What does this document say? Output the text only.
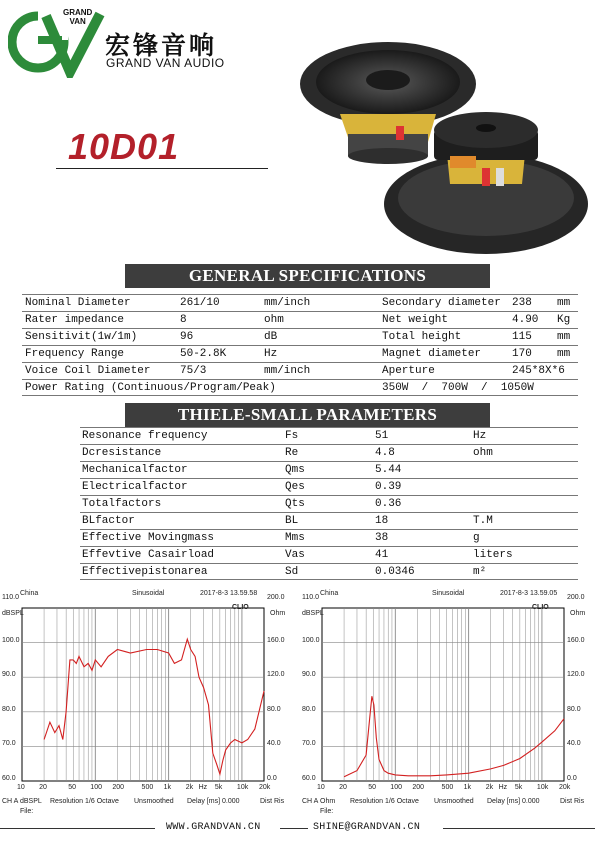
GRAND
VAN
宏锋音响
GRAND VAN AUDIO
10D01
GENERAL SPECIFICATIONS
Nominal Diameter	261/10	mm/inch	Secondary diameter 238 mm
Rater impedance	8	ohm	Net weight	4.90 Kg
Sensitivit(1w/1m)	96	dB	Total height	115 mm
Frequency Range	50-2.8K	Hz	Magnet diameter	170 mm
Voice Coil Diameter	75/3	mm/inch	Aperture	245*8X*6
Power Rating (Continuous/Program/Peak)	350W  /  700W  /  1050W
THIELE-SMALL PARAMETERS
Resonance frequency	Fs	51	Hz
Dcresistance	Re	4.8	ohm
Mechanicalfactor	Qms	5.44
Electricalfactor	Qes	0.39
Totalfactors	Qts	0.36
BLfactor	BL	18	T.M
Effective Movingmass	Mms	38	g
Effevtive Casairload	Vas	41	liters
Effectivepistonarea	Sd	0.0346	m²
China	Sinusoidal	2017-8-3 13.59.58
CLIO
dBSPL	Ohm
110.0
100.0
90.0
80.0
70.0
60.0
200.0
160.0
120.0
80.0
40.0
0.0
10 20	50 100 200 500 1k 2k Hz 5k 10k 20k
CH A dBSPL Resolution 1/6 Octave Unsmoothed Delay [ms] 0.000	Dist Ris
File:
China	Sinusoidal	2017-8-3 13.59.05
CLIO
dBSPL	Ohm
110.0
100.0
90.0
80.0
70.0
60.0
200.0
160.0
120.0
80.0
40.0
0.0
10 20	50 100 200 500 1k 2k Hz 5k 10k 20k
CH A Ohm Resolution 1/6 Octave Unsmoothed Delay [ms] 0.000	Dist Ris
File:
WWW.GRANDVAN.CN	SHINE@GRANDVAN.CN
